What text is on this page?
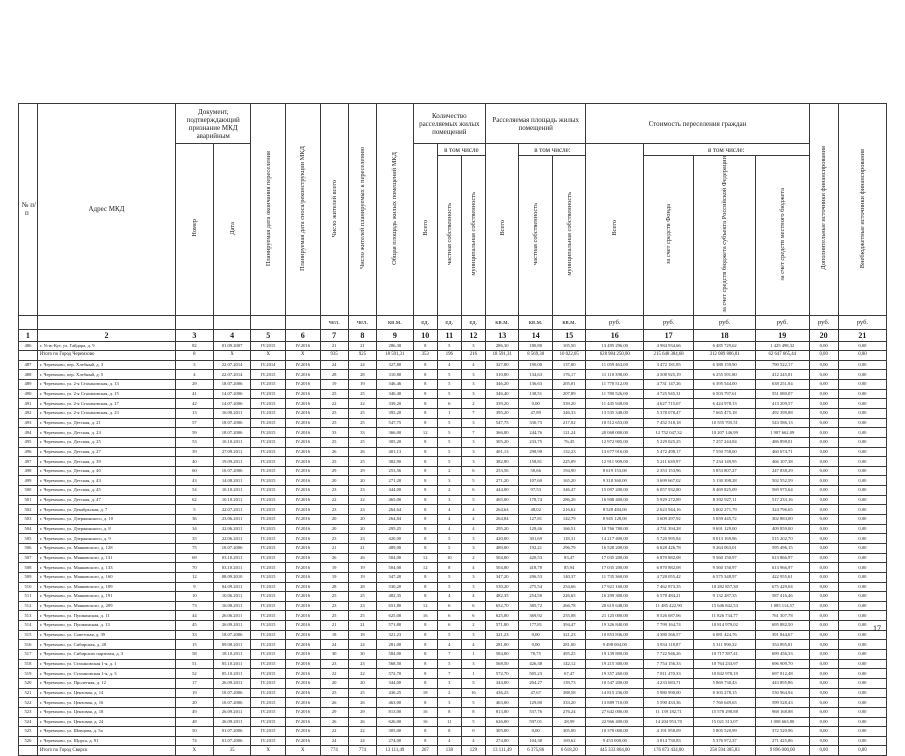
№ п/п	Адрес МКД	Документ, подтверждающий признание МКД аварийным		Планируемая дата окончания переселения	Планируемая дата сноса/реконструкции МКД	Число жителей всего	Число жителей планируемых к переселению	Общая площадь жилых помещений МКД	Количество расселяемых жилых помещений			Расселяемая площадь жилых помещений			Стоимость переселения граждан				Дополнительные источники финансирования	Внебюджетные источники финансирования
		Номер	Дата						Всего	в том числе		Всего	в том числе:		Всего	в том числе:				
										частная собственность	муниципальная собственность		частная собственность	муниципальная собственность		за счет средств Фонда	за счет средств бюджета субъекта Российской Федерации	за счет средств местного бюджета		
						чел.	чел.	кв.м.	ед.	ед.	ед.	кв.м.	кв.м.	кв.м.	руб.	руб.	руб.	руб.	руб.	руб.
1	2	3	4	5	6	7	8	9	10	11	12	13	14	15	16	17	18	19	20	21
486	г. Усть-Кут, ул. Гайдара, д. 9	82	01.09.2007	IV.2015	IV.2016	21	21	286,30	8	5	3	286,30	180,80	105,50	13 495 296,00	4 984 934,66	6 485 729,62	1 425 498,32	0,00	0,00
	Итого по Город Черемхово	8	Х	Х	Х	935	925	18 591,31	353	196	216	18 591,31	8 569,30	10 022,05	628 984 250,00	215 640 384,68	312 089 806,81	62 647 665,44	0,00	0,00
487	г. Черемхово, пер. Хлебный, д. 3	3	22.07.2014	IV.2014	IV.2016	24	24	327,80	8	4	4	327,80	190,00	137,80	11 059 463,00	3 472 181,85	6 388 159,90	790 522,17	0,00	0,00
488	г. Черемхово, пер. Хлебный, д. 5	4	22.07.2014	IV.2015	IV.2016	28	28	310,80	8	5	3	310,80	134,63	176,17	11 110 398,00	4 508 925,19	6 255 591,80	412 245,81	0,00	0,00
489	г. Черемхово, ул. 2-я Стахановская, д. 13	29	18.07.2006	IV.2015	IV.2016	19	19	346,46	8	5	3	346,20	136,63	205,01	11 770 512,00	4 731 147,26	6 395 544,00	638 251,84	0,00	0,00
490	г. Черемхово, ул. 2-я Стахановская, д. 15	41	14.07.2006	IV.2015	IV.2016	25	25	346,40	8	5	3	346,40	138,51	207,89	11 780 526,00	4 725 945,31	6 503 797,61	551 080,07	0,00	0,00
491	г. Черемхово, ул. 2-я Стахановская, д. 17	42	14.07.2006	IV.2015	IV.2016	22	22	339,20	8	6	2	339,20	0,00	339,20	11 445 948,00	4 627 715,67	6 424 978,13	413 209,57	0,00	0,00
492	г. Черемхово, ул. 2-я Стахановская, д. 23	13	16.08.2011	IV.2015	IV.2016	25	25	395,20	8	1	7	395,20	47,89	346,33	13 535 348,00	5 378 078,47	7 665 475,18	492 399,88	0,00	0,00
493	г. Черемхово, ул. Детская, д. 21	57	18.07.2006	IV.2015	IV.2016	25	25	547,75	8	5	3	547,75	330,73	217,02	18 512 653,00	7 452 518,18	10 555 705,51	543 586,13	0,00	0,00
494	г. Черемхово, ул. Детская, д. 23	59	18.07.2006	IV.2015	IV.2016	33	33	366,00	12	5	7	366,00	244,76	121,24	20 068 000,00	12 752 047,32	10 207 146,99	1 987 662,09	0,00	0,00
495	г. Черемхово, ул. Детская, д. 25	53	10.10.2011	IV.2015	IV.2016	25	25	305,20	8	5	3	305,20	233,75	76,45	12 972 905,00	5 229 025,25	7 257 244,84	486 898,01	0,00	0,00
496	г. Черемхово, ул. Детская, д. 27	39	27.09.2011	IV.2015	IV.2016	26	26	401,13	8	5	3	401,13	298,90	132,23	13 677 916,00	5 472 498,17	7 550 758,00	460 674,71	0,00	0,00
497	г. Черемхово, ул. Детская, д. 39	40	19.09.2011	IV.2015	IV.2016	25	25	382,90	8	5	3	382,90	158,81	225,09	12 911 909,00	5 211 639,97	7 234 149,95	466 107,38	0,00	0,00
498	г. Черемхово, ул. Детская, д. 40	60	10.07.2006	IV.2015	IV.2016	29	29	253,56	8	2	6	253,56	58,66	194,90	8 619 153,00	2 353 153,96	5 853 807,27	247 838,29	0,00	0,00
499	г. Черемхово, ул. Детская, д. 43	43	14.08.2011	IV.2015	IV.2016	20	20	271,20	8	3	5	271,20	107,60	165,20	9 318 360,00	3 699 667,02	5 130 398,28	502 552,59	0,00	0,00
500	г. Черемхово, ул. Детская, д. 45	54	10.10.2011	IV.2015	IV.2016	23	23	444,00	8	2	6	444,00	97,53	346,47	15 097 200,00	6 057 932,80	8 469 825,09	569 975,64	0,00	0,00
501	г. Черемхово, ул. Детская, д. 47	62	10.10.2011	IV.2015	IV.2016	22	22	465,00	8	3	5	465,00	178,74	286,26	16 908 400,00	5 929 272,89	8 392 927,11	517 233,16	0,00	0,00
502	г. Черемхово, ул. Декабрьская, д. 7	5	22.07.2011	IV.2015	IV.2016	23	23	264,64	8	4	4	264,64	48,02	216,62	8 528 484,00	2 623 944,16	5 002 271,79	324 796,65	0,00	0,00
503	г. Черемхово, ул. Дзержинского, д. 10	36	23.06.2011	IV.2015	IV.2016	20	20	264,84	8	4	4	264,84	127,81	142,79	8 945 128,00	3 609 297,92	5 059 445,72	302 883,00	0,00	0,00
504	г. Черемхово, ул. Дзержинского, д. 8	34	22.06.2011	IV.2015	IV.2016	20	20	295,25	8	4	4	295,20	129,46	166,51	10 766 780,00	4 731 394,28	9 691 129,00	409 859,00	0,00	0,00
505	г. Черемхово, ул. Дзержинского, д. 9	35	22.06.2011	IV.2015	IV.2016	23	23	420,00	8	5	3	420,00	301,69	118,31	14 217 400,00	5 720 995,84	8 013 169,86	515 202,70	0,00	0,00
506	г. Черемхово, ул. Маяковского, д. 128	75	10.07.2006	IV.2015	IV.2016	21	21	489,00	8	5	3	489,00	192,21	296,79	16 528 200,00	6 628 426,78	9 264 063,01	595 496,15	0,00	0,00
507	г. Черемхово, ул. Маяковского, д. 131	69	03.10.2011	IV.2015	IV.2016	26	26	504,00	12	10	2	504,00	420,53	83,47	17 035 200,00	6 870 882,08	9 560 150,97	613 866,97	0,00	0,00
508	г. Черемхово, ул. Маяковского, д. 133	70	03.10.2011	IV.2015	IV.2016	19	19	504,00	12	8	4	504,00	418,78	85,94	17 035 200,00	6 870 882,08	9 560 150,97	613 966,97	0,00	0,00
509	г. Черемхово, ул. Маяковского, д. 160	12	08.09.2010	IV.2015	IV.2016	19	19	347,20	8	5	3	347,20	206,53	140,37	11 735 360,00	4 728 055,42	6 575 348,97	422 955,61	0,00	0,00
510	г. Черемхово, ул. Маяковского, д. 189	9	04.09.2011	IV.2015	IV.2016	28	28	530,20	8	5	3	530,20	275,54	254,66	17 921 160,00	7 462 873,35	10 282 857,30	675 429,04	0,00	0,00
511	г. Черемхово, ул. Маяковского, д. 191	10	10.06.2011	IV.2015	IV.2016	25	25	482,35	8	4	4	482,35	254,50	226,65	16 299 300,00	6 578 484,21	9 132 287,35	587 416,46	0,00	0,00
512	г. Черемхово, ул. Маяковского, д. 209	73	16.08.2011	IV.2015	IV.2016	23	23	651,80	12	6	6	652,70	385,72	266,78	20 619 648,00	11 485 422,90	15 646 842,53	1 085 114,57	0,00	0,00
513	г. Черемхово, ул. Пушкинская, д. 11	44	26.06.2011	IV.2015	IV.2016	25	25	625,00	16	6	6	625,00	369,92	255,08	21 125 000,00	8 526 687,06	11 826 734,77	761 307,78	0,00	0,00
514	г. Черемхово, ул. Пушкинская, д. 13	45	26.09.2011	IV.2015	IV.2016	21	21	571,80	8	6	2	571,80	177,81	394,47	19 326 840,00	7 799 164,74	10 814 979,02	695 882,50	0,00	0,00
515	г. Черемхово, ул. Советская, д. 39	33	18.07.2006	IV.2015	IV.2016	18	18	321,23	8	5	3	321,23	0,00	321,23	10 853 836,00	4 380 566,57	6 081 424,76	391 844,67	0,00	0,00
516	г. Черемхово, ул. Сибирская, д. 28	15	09.08.2011	IV.2015	IV.2016	24	24	281,00	8	4	4	281,00	0,00	281,00	9 498 004,00	3 834 118,87	5 311 990,32	354 895,81	0,00	0,00
517	г. Черемхово, ул. Сибирских партизан, д. 3	58	18.10.2011	IV.2015	IV.2016	30	30	584,00	8	7	1	584,00	70,75	495,25	19 139 800,00	7 722 946,26	10 717 397,41	699 456,33	0,00	0,00
518	г. Черемхово, ул. Стахановская 1-я, д. 1	51	05.10.2011	IV.2015	IV.2016	23	23	568,50	8	5	3	568,50	426,38	142,12	19 215 300,00	7 754 156,33	10 764 233,97	696 909,70	0,00	0,00
519	г. Черемхово, ул. Стахановская 1-я, д. 3	52	05.10.2011	IV.2015	IV.2016	22	22	572,70	8	7	1	572,70	505,23	67,47	19 357 260,00	7 811 470,33	10 842 978,19	697 812,48	0,00	0,00
520	г. Черемхово, ул. Пролетная, д. 12	17	26.09.2011	IV.2015	IV.2016	20	20	344,00	8	3	5	344,00	204,27	139,73	10 547 200,00	4 233 683,71	5 869 730,43	443 895,86	0,00	0,00
521	г. Черемхово, ул. Цензовая, д. 14	19	10.07.2006	IV.2015	IV.2016	25	25	436,25	18	2	16	436,25	47,67	388,58	14 815 236,00	5 980 990,00	8 303 278,15	530 964,94	0,00	0,00
522	г. Черемхово, ул. Цензовая, д. 16	20	10.07.2006	IV.2015	IV.2016	26	26	463,00	8	3	5	463,00	129,80	333,20	13 889 710,00	5 590 433,36	7 760 649,65	599 528,43	0,00	0,00
523	г. Черемхово, ул. Цензовая, д. 18	49	26.09.2011	IV.2015	IV.2016	29	29	813,00	16	8	8	813,00	537,76	276,24	27 642 000,00	11 139 182,71	15 578 298,88	968 168,88	0,00	0,00
524	г. Черемхово, ул. Цензовая, д. 24	48	26.09.2011	IV.2015	IV.2016	26	26	626,00	16	11	5	626,00	597,01	28,99	22 966 400,00	14 204 953,70	15 021 313,07	1 008 663,80	0,00	0,00
525	г. Черемхово, ул. Шевцова, д. 5а	50	01.07.2006	IV.2015	IV.2016	22	22	305,00	8	8	0	305,00	0,00	305,00	10 370 000,00	4 191 958,09	5 805 520,99	372 520,96	0,00	0,00
526	г. Черемхово, ул. Щорса, д. 91	74	01.07.2006	IV.2015	IV.2016	24	24	274,00	8	4	4	274,00	104,38	169,62	9 453 000,00	3 814 730,83	5 376 972,37	271 425,86	0,00	0,00
	Итого по Город Свирск	Х	35	Х	Х	774	774	13 111,49	267	138	129	13 111,49	6 375,86	6 618,20	445 333 804,00	176 873 434,00	258 594 305,83	9 896 000,00	0,00	0,00
17
